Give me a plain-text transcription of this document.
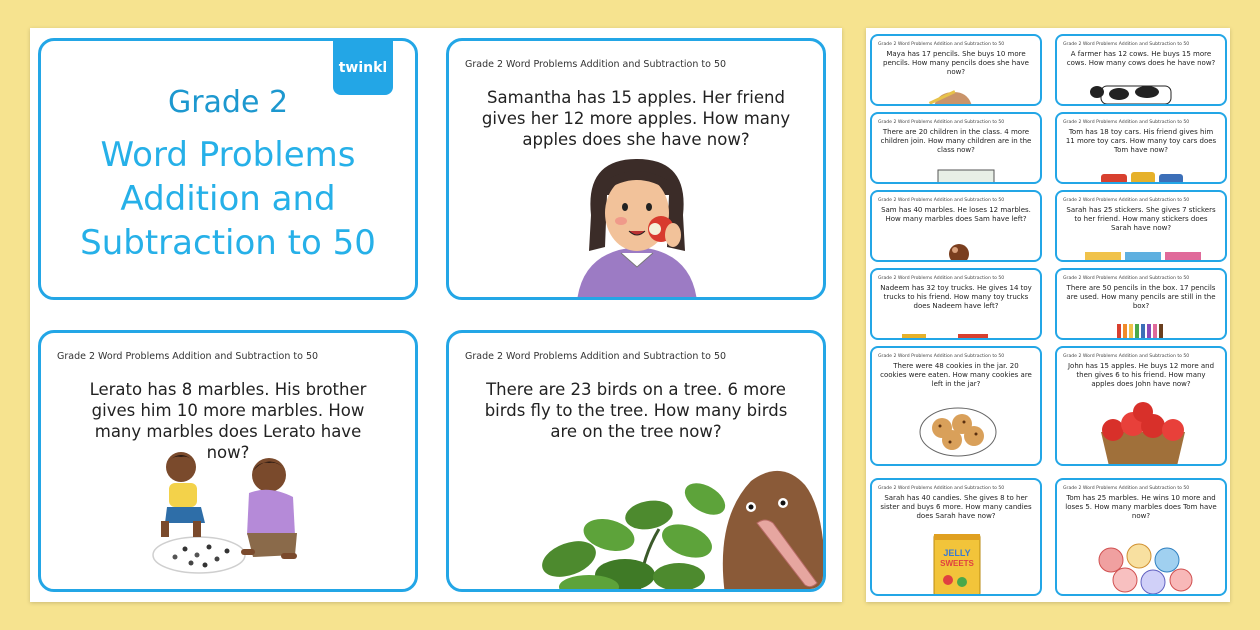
twinkl
Grade 2
Word Problems
Addition and
Subtraction to 50
Grade 2 Word Problems Addition and Subtraction to 50
Samantha has 15 apples. Her friend gives her 12 more apples. How many apples does she have now?
Grade 2 Word Problems Addition and Subtraction to 50
Lerato has 8 marbles. His brother gives him 10 more marbles. How many marbles does Lerato have now?
Grade 2 Word Problems Addition and Subtraction to 50
There are 23 birds on a tree. 6 more birds fly to the tree. How many birds are on the tree now?
Grade 2 Word Problems Addition and Subtraction to 50
Maya has 17 pencils. She buys 10 more pencils. How many pencils does she have now?
Grade 2 Word Problems Addition and Subtraction to 50
A farmer has 12 cows. He buys 15 more cows. How many cows does he have now?
Grade 2 Word Problems Addition and Subtraction to 50
There are 20 children in the class. 4 more children join. How many children are in the class now?
Grade 2 Word Problems Addition and Subtraction to 50
Tom has 18 toy cars. His friend gives him 11 more toy cars. How many toy cars does Tom have now?
Grade 2 Word Problems Addition and Subtraction to 50
Sam has 40 marbles. He loses 12 marbles. How many marbles does Sam have left?
Grade 2 Word Problems Addition and Subtraction to 50
Sarah has 25 stickers. She gives 7 stickers to her friend. How many stickers does Sarah have now?
Grade 2 Word Problems Addition and Subtraction to 50
Nadeem has 32 toy trucks. He gives 14 toy trucks to his friend. How many toy trucks does Nadeem have left?
Grade 2 Word Problems Addition and Subtraction to 50
There are 50 pencils in the box. 17 pencils are used. How many pencils are still in the box?
Grade 2 Word Problems Addition and Subtraction to 50
There were 48 cookies in the jar. 20 cookies were eaten. How many cookies are left in the jar?
Grade 2 Word Problems Addition and Subtraction to 50
John has 15 apples. He buys 12 more and then gives 6 to his friend. How many apples does John have now?
Grade 2 Word Problems Addition and Subtraction to 50
Sarah has 40 candies. She gives 8 to her sister and buys 6 more. How many candies does Sarah have now?
JELLY
SWEETS
Grade 2 Word Problems Addition and Subtraction to 50
Tom has 25 marbles. He wins 10 more and loses 5. How many marbles does Tom have now?
